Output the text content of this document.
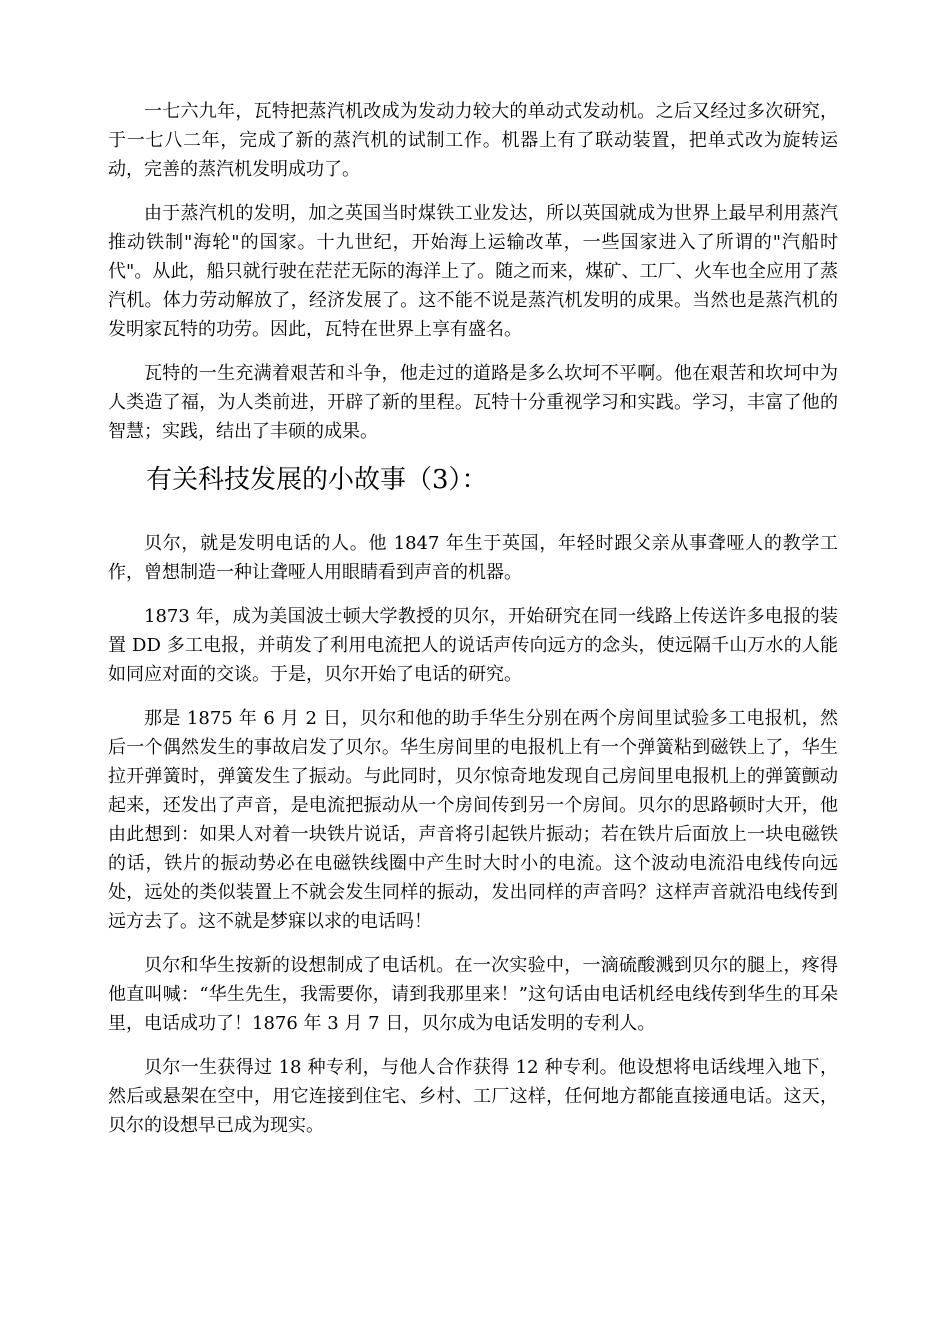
一七六九年，瓦特把蒸汽机改成为发动力较大的单动式发动机。之后又经过多次研究，于一七八二年，完成了新的蒸汽机的试制工作。机器上有了联动装置，把单式改为旋转运动，完善的蒸汽机发明成功了。

由于蒸汽机的发明，加之英国当时煤铁工业发达，所以英国就成为世界上最早利用蒸汽推动铁制"海轮"的国家。十九世纪，开始海上运输改革，一些国家进入了所谓的"汽船时代"。从此，船只就行驶在茫茫无际的海洋上了。随之而来，煤矿、工厂、火车也全应用了蒸汽机。体力劳动解放了，经济发展了。这不能不说是蒸汽机发明的成果。当然也是蒸汽机的发明家瓦特的功劳。因此，瓦特在世界上享有盛名。

瓦特的一生充满着艰苦和斗争，他走过的道路是多么坎坷不平啊。他在艰苦和坎坷中为人类造了福，为人类前进，开辟了新的里程。瓦特十分重视学习和实践。学习，丰富了他的智慧；实践，结出了丰硕的成果。

有关科技发展的小故事（3）：

贝尔，就是发明电话的人。他 1847 年生于英国，年轻时跟父亲从事聋哑人的教学工作，曾想制造一种让聋哑人用眼睛看到声音的机器。

1873 年，成为美国波士顿大学教授的贝尔，开始研究在同一线路上传送许多电报的装置 DD 多工电报，并萌发了利用电流把人的说话声传向远方的念头，使远隔千山万水的人能如同应对面的交谈。于是，贝尔开始了电话的研究。

那是 1875 年 6 月 2 日，贝尔和他的助手华生分别在两个房间里试验多工电报机，然后一个偶然发生的事故启发了贝尔。华生房间里的电报机上有一个弹簧粘到磁铁上了，华生拉开弹簧时，弹簧发生了振动。与此同时，贝尔惊奇地发现自己房间里电报机上的弹簧颤动起来，还发出了声音，是电流把振动从一个房间传到另一个房间。贝尔的思路顿时大开，他由此想到：如果人对着一块铁片说话，声音将引起铁片振动；若在铁片后面放上一块电磁铁的话，铁片的振动势必在电磁铁线圈中产生时大时小的电流。这个波动电流沿电线传向远处，远处的类似装置上不就会发生同样的振动，发出同样的声音吗？这样声音就沿电线传到远方去了。这不就是梦寐以求的电话吗！

贝尔和华生按新的设想制成了电话机。在一次实验中，一滴硫酸溅到贝尔的腿上，疼得他直叫喊：“华生先生，我需要你，请到我那里来！”这句话由电话机经电线传到华生的耳朵里，电话成功了！1876 年 3 月 7 日，贝尔成为电话发明的专利人。

贝尔一生获得过 18 种专利，与他人合作获得 12 种专利。他设想将电话线埋入地下，然后或悬架在空中，用它连接到住宅、乡村、工厂这样，任何地方都能直接通电话。这天，贝尔的设想早已成为现实。
